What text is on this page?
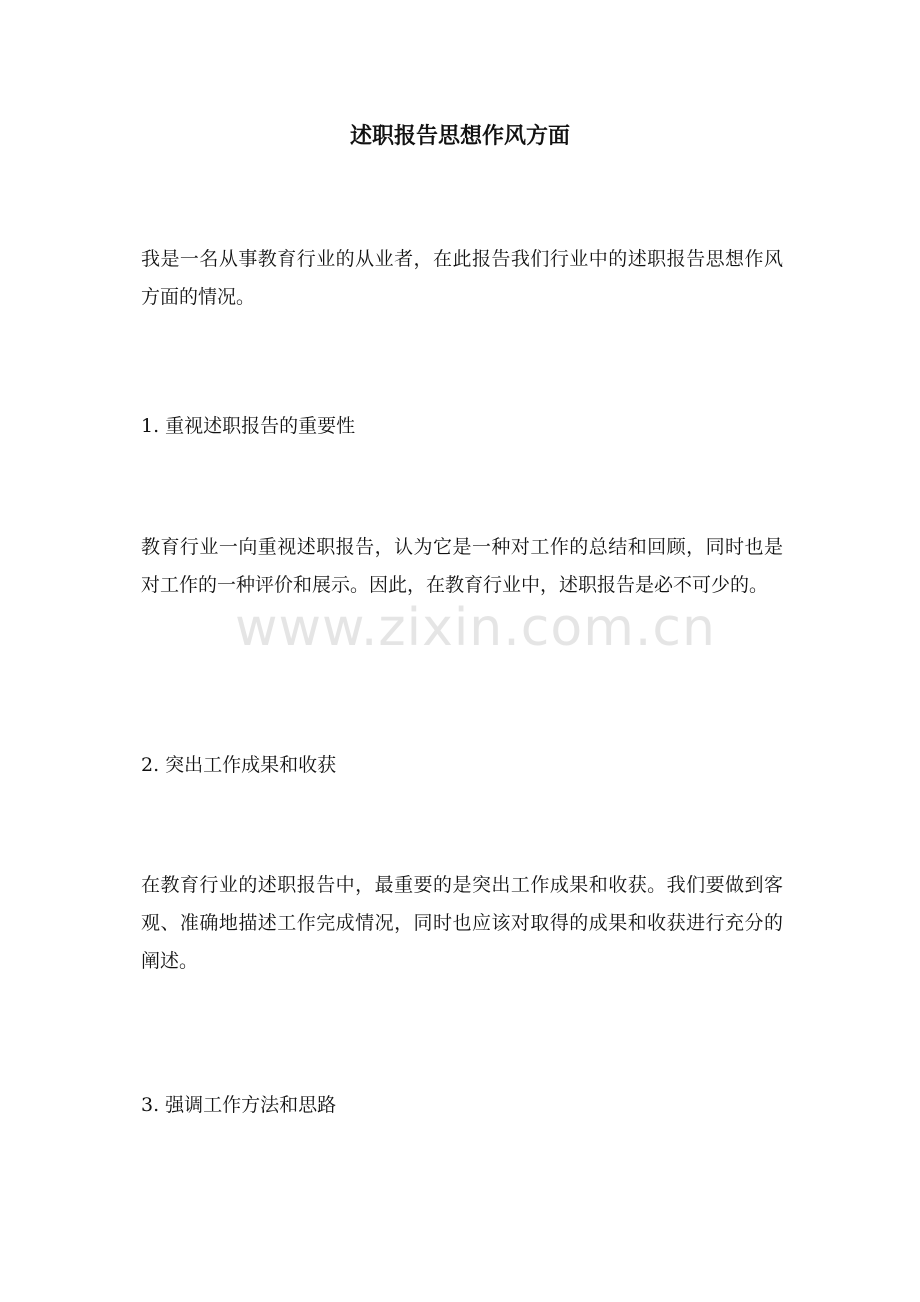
述职报告思想作风方面

我是一名从事教育行业的从业者，在此报告我们行业中的述职报告思想作风方面的情况。

1. 重视述职报告的重要性

教育行业一向重视述职报告，认为它是一种对工作的总结和回顾，同时也是对工作的一种评价和展示。因此，在教育行业中，述职报告是必不可少的。

2. 突出工作成果和收获

在教育行业的述职报告中，最重要的是突出工作成果和收获。我们要做到客观、准确地描述工作完成情况，同时也应该对取得的成果和收获进行充分的阐述。

3. 强调工作方法和思路

www.zixin.com.cn
